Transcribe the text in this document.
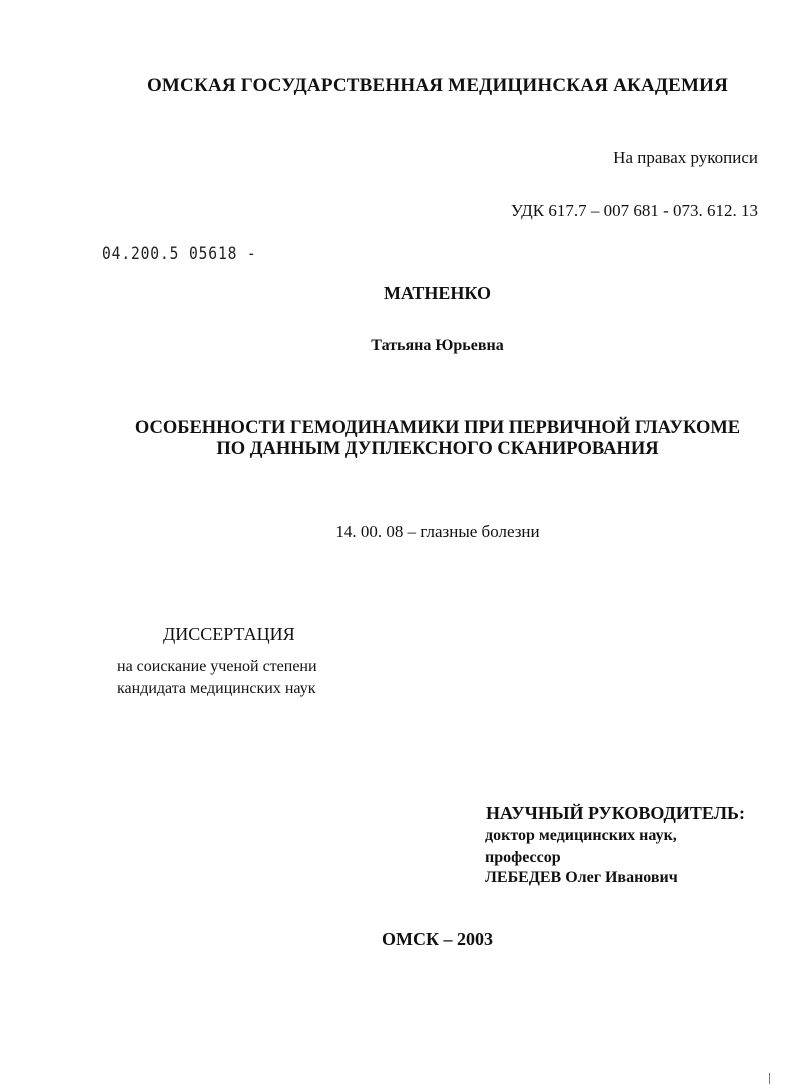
ОМСКАЯ ГОСУДАРСТВЕННАЯ МЕДИЦИНСКАЯ АКАДЕМИЯ
На правах рукописи
УДК 617.7 – 007 681 - 073. 612. 13
04.200.5 05618 -
МАТНЕНКО
Татьяна Юрьевна
ОСОБЕННОСТИ ГЕМОДИНАМИКИ ПРИ ПЕРВИЧНОЙ ГЛАУКОМЕ
ПО ДАННЫМ ДУПЛЕКСНОГО СКАНИРОВАНИЯ
14. 00. 08 – глазные болезни
ДИССЕРТАЦИЯ
на соискание ученой степени
кандидата медицинских наук
НАУЧНЫЙ РУКОВОДИТЕЛЬ:
доктор медицинских наук,
профессор
ЛЕБЕДЕВ Олег Иванович
ОМСК – 2003
